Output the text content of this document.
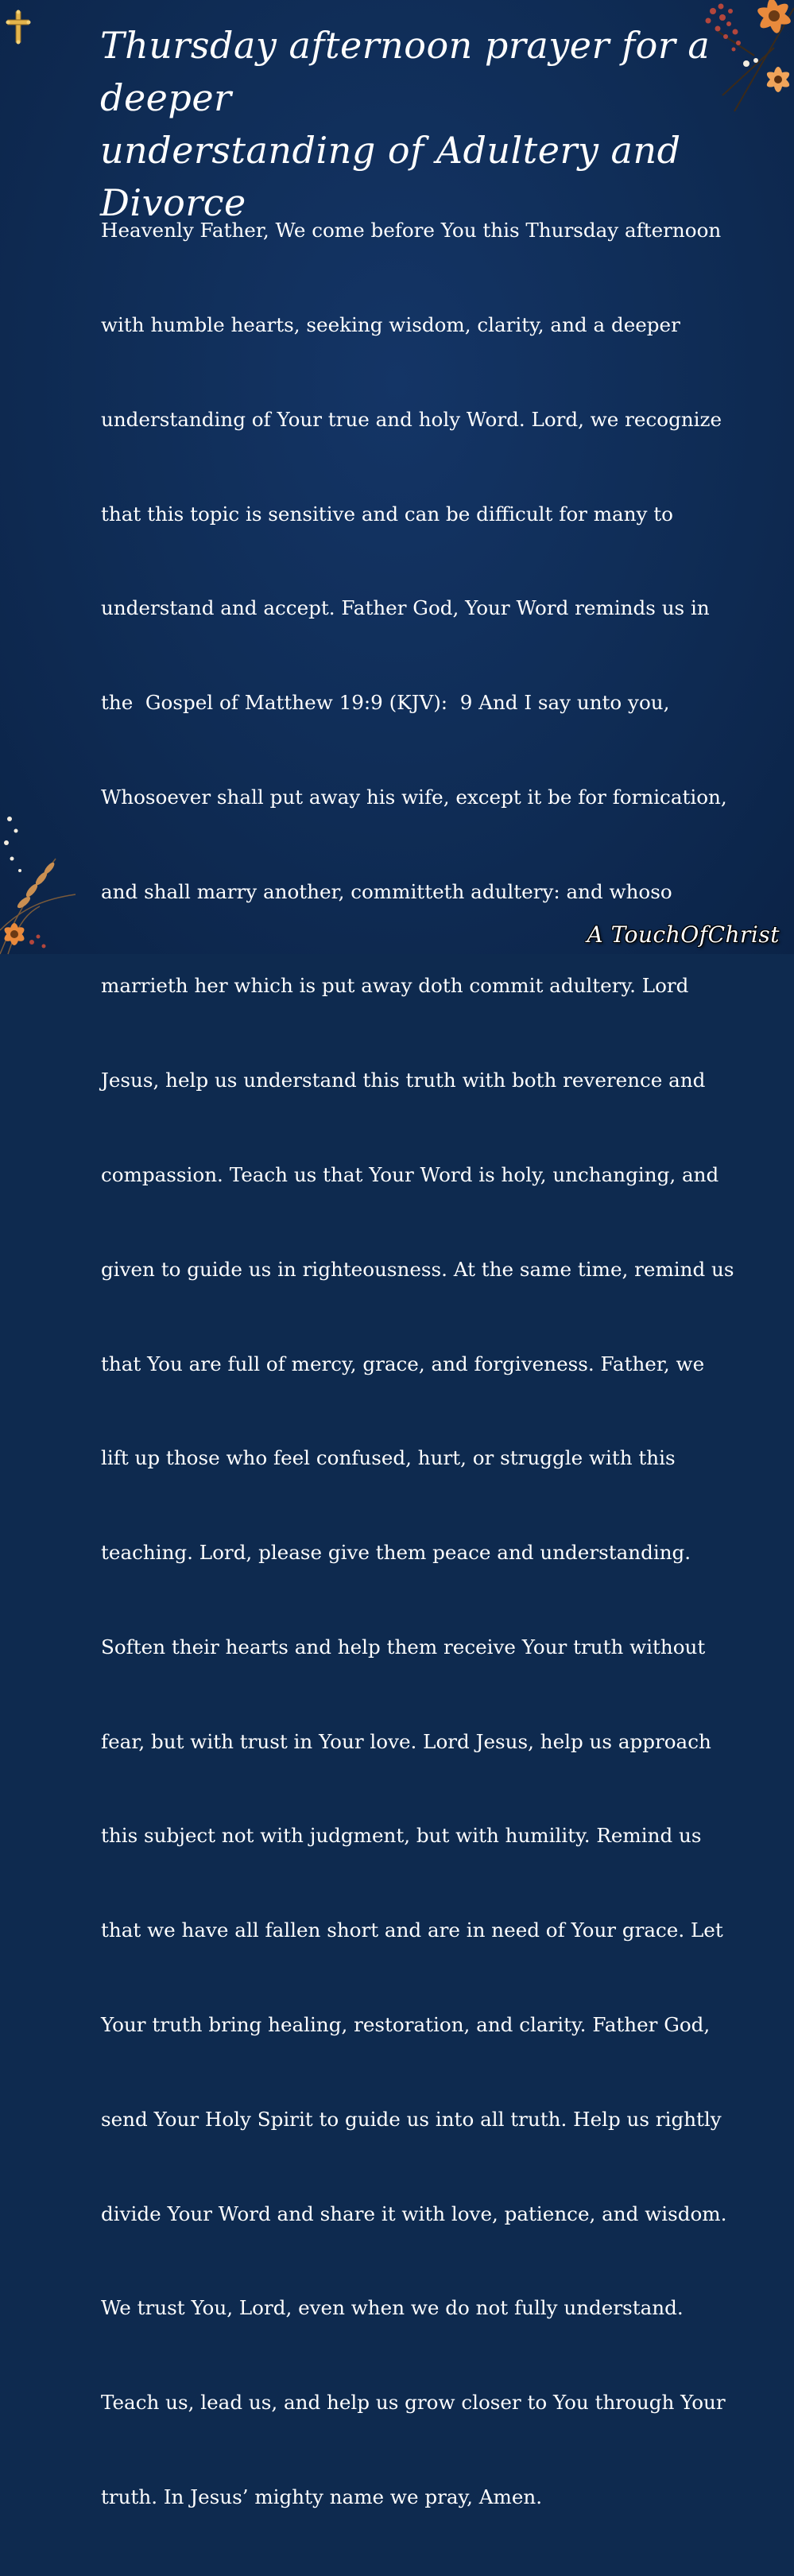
Thursday afternoon prayer for a deeper
understanding of Adultery and Divorce

Heavenly Father, We come before You this Thursday afternoon

with humble hearts, seeking wisdom, clarity, and a deeper

understanding of Your true and holy Word. Lord, we recognize

that this topic is sensitive and can be difficult for many to

understand and accept. Father God, Your Word reminds us in

the  Gospel of Matthew 19:9 (KJV):  9 And I say unto you,

Whosoever shall put away his wife, except it be for fornication,

and shall marry another, committeth adultery: and whoso

marrieth her which is put away doth commit adultery. Lord

Jesus, help us understand this truth with both reverence and

compassion. Teach us that Your Word is holy, unchanging, and

given to guide us in righteousness. At the same time, remind us

that You are full of mercy, grace, and forgiveness. Father, we

lift up those who feel confused, hurt, or struggle with this

teaching. Lord, please give them peace and understanding.

Soften their hearts and help them receive Your truth without

fear, but with trust in Your love. Lord Jesus, help us approach

this subject not with judgment, but with humility. Remind us

that we have all fallen short and are in need of Your grace. Let

Your truth bring healing, restoration, and clarity. Father God,

send Your Holy Spirit to guide us into all truth. Help us rightly

divide Your Word and share it with love, patience, and wisdom.

We trust You, Lord, even when we do not fully understand.

Teach us, lead us, and help us grow closer to You through Your

truth. In Jesus’ mighty name we pray, Amen.

A TouchOfChrist
